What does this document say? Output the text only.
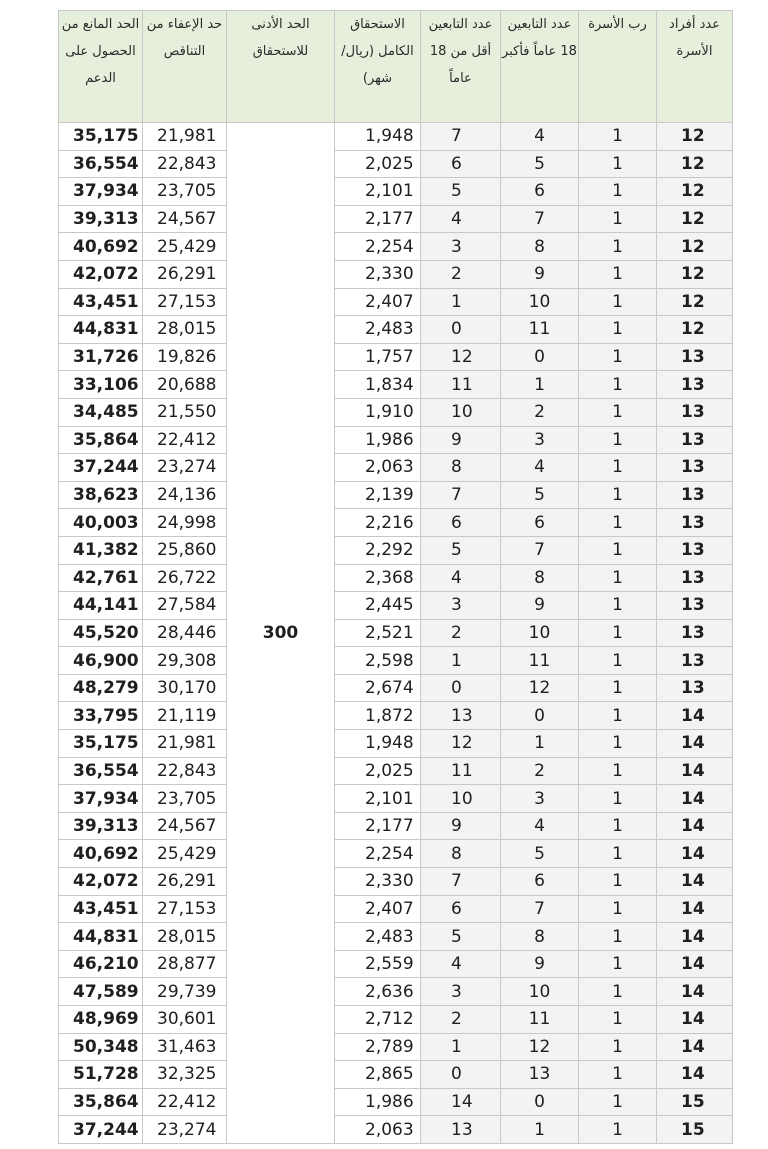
عدد أفراد الأسرة	رب الأسرة	عدد التابعين 18 عاماً فأكبر	عدد التابعين أقل من 18 عاماً	الاستحقاق الكامل (ريال/شهر)	الحد الأدنى للاستحقاق	حد الإعفاء من التناقص	الحد المانع من الحصول على الدعم
12	1	4	7	1,948	300	21,981	35,175
12	1	5	6	2,025		22,843	36,554
12	1	6	5	2,101		23,705	37,934
12	1	7	4	2,177		24,567	39,313
12	1	8	3	2,254		25,429	40,692
12	1	9	2	2,330		26,291	42,072
12	1	10	1	2,407		27,153	43,451
12	1	11	0	2,483		28,015	44,831
13	1	0	12	1,757		19,826	31,726
13	1	1	11	1,834		20,688	33,106
13	1	2	10	1,910		21,550	34,485
13	1	3	9	1,986		22,412	35,864
13	1	4	8	2,063		23,274	37,244
13	1	5	7	2,139		24,136	38,623
13	1	6	6	2,216		24,998	40,003
13	1	7	5	2,292		25,860	41,382
13	1	8	4	2,368		26,722	42,761
13	1	9	3	2,445		27,584	44,141
13	1	10	2	2,521		28,446	45,520
13	1	11	1	2,598		29,308	46,900
13	1	12	0	2,674		30,170	48,279
14	1	0	13	1,872		21,119	33,795
14	1	1	12	1,948		21,981	35,175
14	1	2	11	2,025		22,843	36,554
14	1	3	10	2,101		23,705	37,934
14	1	4	9	2,177		24,567	39,313
14	1	5	8	2,254		25,429	40,692
14	1	6	7	2,330		26,291	42,072
14	1	7	6	2,407		27,153	43,451
14	1	8	5	2,483		28,015	44,831
14	1	9	4	2,559		28,877	46,210
14	1	10	3	2,636		29,739	47,589
14	1	11	2	2,712		30,601	48,969
14	1	12	1	2,789		31,463	50,348
14	1	13	0	2,865		32,325	51,728
15	1	0	14	1,986		22,412	35,864
15	1	1	13	2,063		23,274	37,244
